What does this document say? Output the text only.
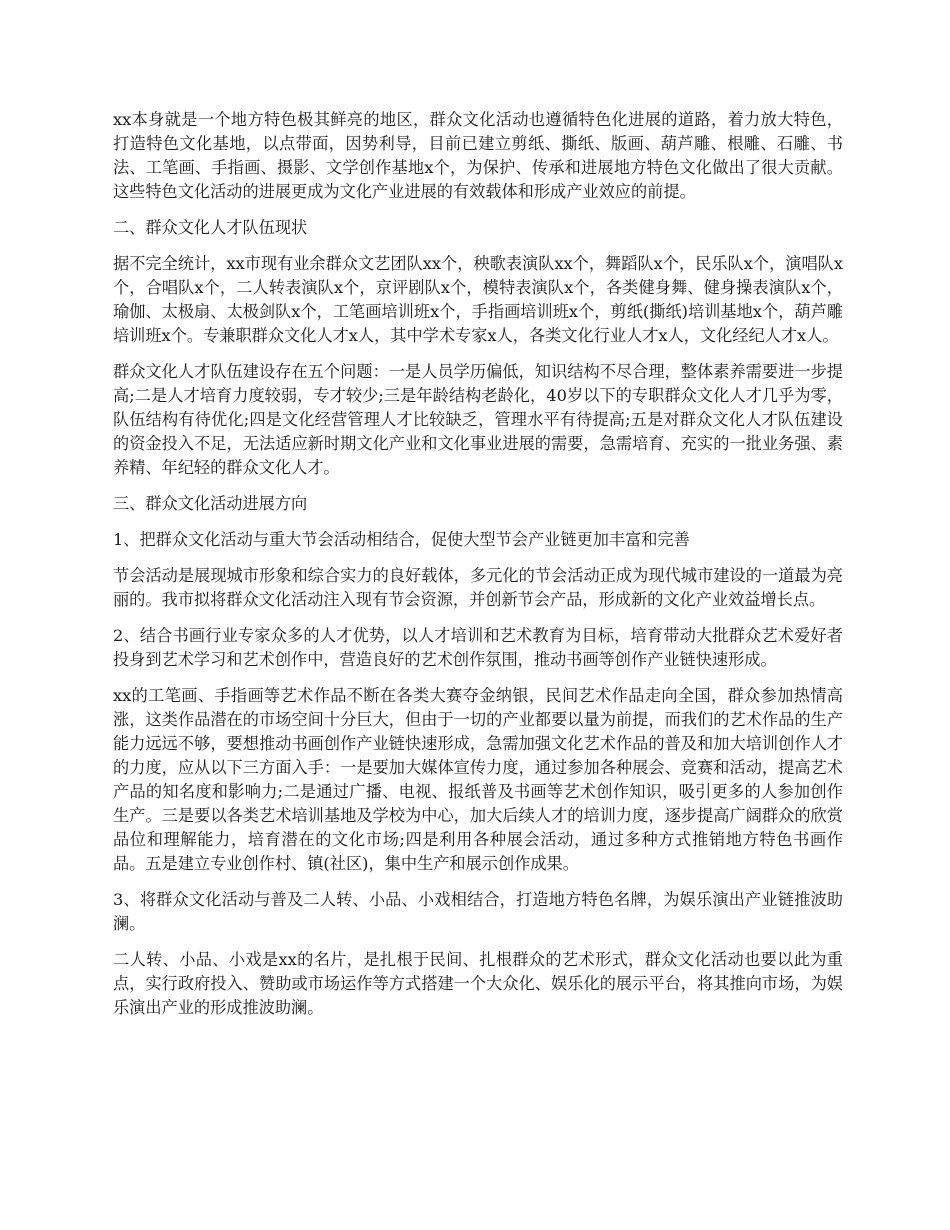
xx本身就是一个地方特色极其鲜亮的地区，群众文化活动也遵循特色化进展的道路，着力放大特色，打造特色文化基地，以点带面，因势利导，目前已建立剪纸、撕纸、版画、葫芦雕、根雕、石雕、书法、工笔画、手指画、摄影、文学创作基地x个，为保护、传承和进展地方特色文化做出了很大贡献。这些特色文化活动的进展更成为文化产业进展的有效载体和形成产业效应的前提。

二、群众文化人才队伍现状

据不完全统计，xx市现有业余群众文艺团队xx个，秧歌表演队xx个，舞蹈队x个，民乐队x个，演唱队x个，合唱队x个，二人转表演队x个，京评剧队x个，模特表演队x个，各类健身舞、健身操表演队x个，瑜伽、太极扇、太极剑队x个，工笔画培训班x个，手指画培训班x个，剪纸(撕纸)培训基地x个，葫芦雕培训班x个。专兼职群众文化人才x人，其中学术专家x人，各类文化行业人才x人，文化经纪人才x人。

群众文化人才队伍建设存在五个问题：一是人员学历偏低，知识结构不尽合理，整体素养需要进一步提高;二是人才培育力度较弱，专才较少;三是年龄结构老龄化，40岁以下的专职群众文化人才几乎为零，队伍结构有待优化;四是文化经营管理人才比较缺乏，管理水平有待提高;五是对群众文化人才队伍建设的资金投入不足，无法适应新时期文化产业和文化事业进展的需要，急需培育、充实的一批业务强、素养精、年纪轻的群众文化人才。

三、群众文化活动进展方向

1、把群众文化活动与重大节会活动相结合，促使大型节会产业链更加丰富和完善

节会活动是展现城市形象和综合实力的良好载体，多元化的节会活动正成为现代城市建设的一道最为亮丽的。我市拟将群众文化活动注入现有节会资源，并创新节会产品，形成新的文化产业效益增长点。

2、结合书画行业专家众多的人才优势，以人才培训和艺术教育为目标，培育带动大批群众艺术爱好者投身到艺术学习和艺术创作中，营造良好的艺术创作氛围，推动书画等创作产业链快速形成。

xx的工笔画、手指画等艺术作品不断在各类大赛夺金纳银，民间艺术作品走向全国，群众参加热情高涨，这类作品潜在的市场空间十分巨大，但由于一切的产业都要以量为前提，而我们的艺术作品的生产能力远远不够，要想推动书画创作产业链快速形成，急需加强文化艺术作品的普及和加大培训创作人才的力度，应从以下三方面入手：一是要加大媒体宣传力度，通过参加各种展会、竞赛和活动，提高艺术产品的知名度和影响力;二是通过广播、电视、报纸普及书画等艺术创作知识，吸引更多的人参加创作生产。三是要以各类艺术培训基地及学校为中心，加大后续人才的培训力度，逐步提高广阔群众的欣赏品位和理解能力，培育潜在的文化市场;四是利用各种展会活动，通过多种方式推销地方特色书画作品。五是建立专业创作村、镇(社区)，集中生产和展示创作成果。

3、将群众文化活动与普及二人转、小品、小戏相结合，打造地方特色名牌，为娱乐演出产业链推波助澜。

二人转、小品、小戏是xx的名片，是扎根于民间、扎根群众的艺术形式，群众文化活动也要以此为重点，实行政府投入、赞助或市场运作等方式搭建一个大众化、娱乐化的展示平台，将其推向市场，为娱乐演出产业的形成推波助澜。
